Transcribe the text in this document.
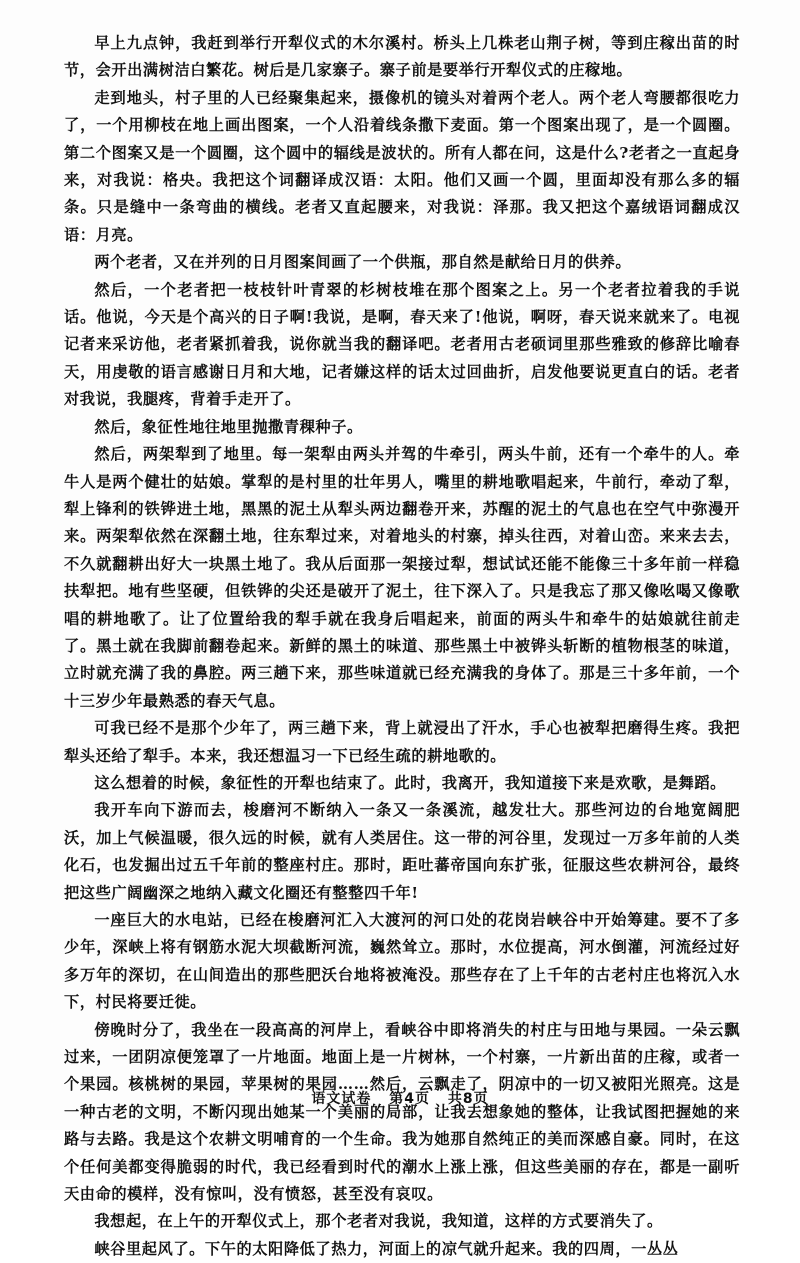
早上九点钟，我赶到举行开犁仪式的木尔溪村。桥头上几株老山荆子树，等到庄稼出苗的时节，会开出满树洁白繁花。树后是几家寨子。寨子前是要举行开犁仪式的庄稼地。

走到地头，村子里的人已经聚集起来，摄像机的镜头对着两个老人。两个老人弯腰都很吃力了，一个用柳枝在地上画出图案，一个人沿着线条撒下麦面。第一个图案出现了，是一个圆圈。第二个图案又是一个圆圈，这个圆中的辐线是波状的。所有人都在问，这是什么?老者之一直起身来，对我说：格央。我把这个词翻译成汉语：太阳。他们又画一个圆，里面却没有那么多的辐条。只是缝中一条弯曲的横线。老者又直起腰来，对我说：泽那。我又把这个嘉绒语词翻成汉语：月亮。

两个老者，又在并列的日月图案间画了一个供瓶，那自然是献给日月的供养。

然后，一个老者把一枝枝针叶青翠的杉树枝堆在那个图案之上。另一个老者拉着我的手说话。他说，今天是个高兴的日子啊!我说，是啊，春天来了!他说，啊呀，春天说来就来了。电视记者来采访他，老者紧抓着我，说你就当我的翻译吧。老者用古老硕词里那些雅致的修辞比喻春天，用虔敬的语言感谢日月和大地，记者嫌这样的话太过回曲折，启发他要说更直白的话。老者对我说，我腿疼，背着手走开了。

然后，象征性地往地里抛撒青稞种子。

然后，两架犁到了地里。每一架犁由两头并驾的牛牵引，两头牛前，还有一个牵牛的人。牵牛人是两个健壮的姑娘。掌犁的是村里的壮年男人，嘴里的耕地歌唱起来，牛前行，牵动了犁，犁上锋利的铁铧进土地，黑黑的泥土从犁头两边翻卷开来，苏醒的泥土的气息也在空气中弥漫开来。两架犁依然在深翻土地，往东犁过来，对着地头的村寨，掉头往西，对着山峦。来来去去，不久就翻耕出好大一块黑土地了。我从后面那一架接过犁，想试试还能不能像三十多年前一样稳扶犁把。地有些坚硬，但铁铧的尖还是破开了泥土，往下深入了。只是我忘了那又像吆喝又像歌唱的耕地歌了。让了位置给我的犁手就在我身后唱起来，前面的两头牛和牵牛的姑娘就往前走了。黑土就在我脚前翻卷起来。新鲜的黑土的味道、那些黑土中被铧头斩断的植物根茎的味道，立时就充满了我的鼻腔。两三趟下来，那些味道就已经充满我的身体了。那是三十多年前，一个十三岁少年最熟悉的春天气息。

可我已经不是那个少年了，两三趟下来，背上就浸出了汗水，手心也被犁把磨得生疼。我把犁头还给了犁手。本来，我还想温习一下已经生疏的耕地歌的。

这么想着的时候，象征性的开犁也结束了。此时，我离开，我知道接下来是欢歌，是舞蹈。

我开车向下游而去，梭磨河不断纳入一条又一条溪流，越发壮大。那些河边的台地宽阔肥沃，加上气候温暖，很久远的时候，就有人类居住。这一带的河谷里，发现过一万多年前的人类化石，也发掘出过五千年前的整座村庄。那时，距吐蕃帝国向东扩张，征服这些农耕河谷，最终把这些广阔幽深之地纳入藏文化圈还有整整四千年!

一座巨大的水电站，已经在梭磨河汇入大渡河的河口处的花岗岩峡谷中开始筹建。要不了多少年，深峡上将有钢筋水泥大坝截断河流，巍然耸立。那时，水位提高，河水倒灌，河流经过好多万年的深切，在山间造出的那些肥沃台地将被淹没。那些存在了上千年的古老村庄也将沉入水下，村民将要迁徙。

傍晚时分了，我坐在一段高高的河岸上，看峡谷中即将消失的村庄与田地与果园。一朵云飘过来，一团阴凉便笼罩了一片地面。地面上是一片树林，一个村寨，一片新出苗的庄稼，或者一个果园。核桃树的果园，苹果树的果园……然后，云飘走了，阴凉中的一切又被阳光照亮。这是一种古老的文明，不断闪现出她某一个美丽的局部，让我去想象她的整体，让我试图把握她的来路与去路。我是这个农耕文明哺育的一个生命。我为她那自然纯正的美而深感自豪。同时，在这个任何美都变得脆弱的时代，我已经看到时代的潮水上涨上涨，但这些美丽的存在，都是一副听天由命的模样，没有惊叫，没有愤怒，甚至没有哀叹。

我想起，在上午的开犁仪式上，那个老者对我说，我知道，这样的方式要消失了。

峡谷里起风了。下午的太阳降低了热力，河面上的凉气就升起来。我的四周，一丛丛

语文试卷 第4页 共8页
